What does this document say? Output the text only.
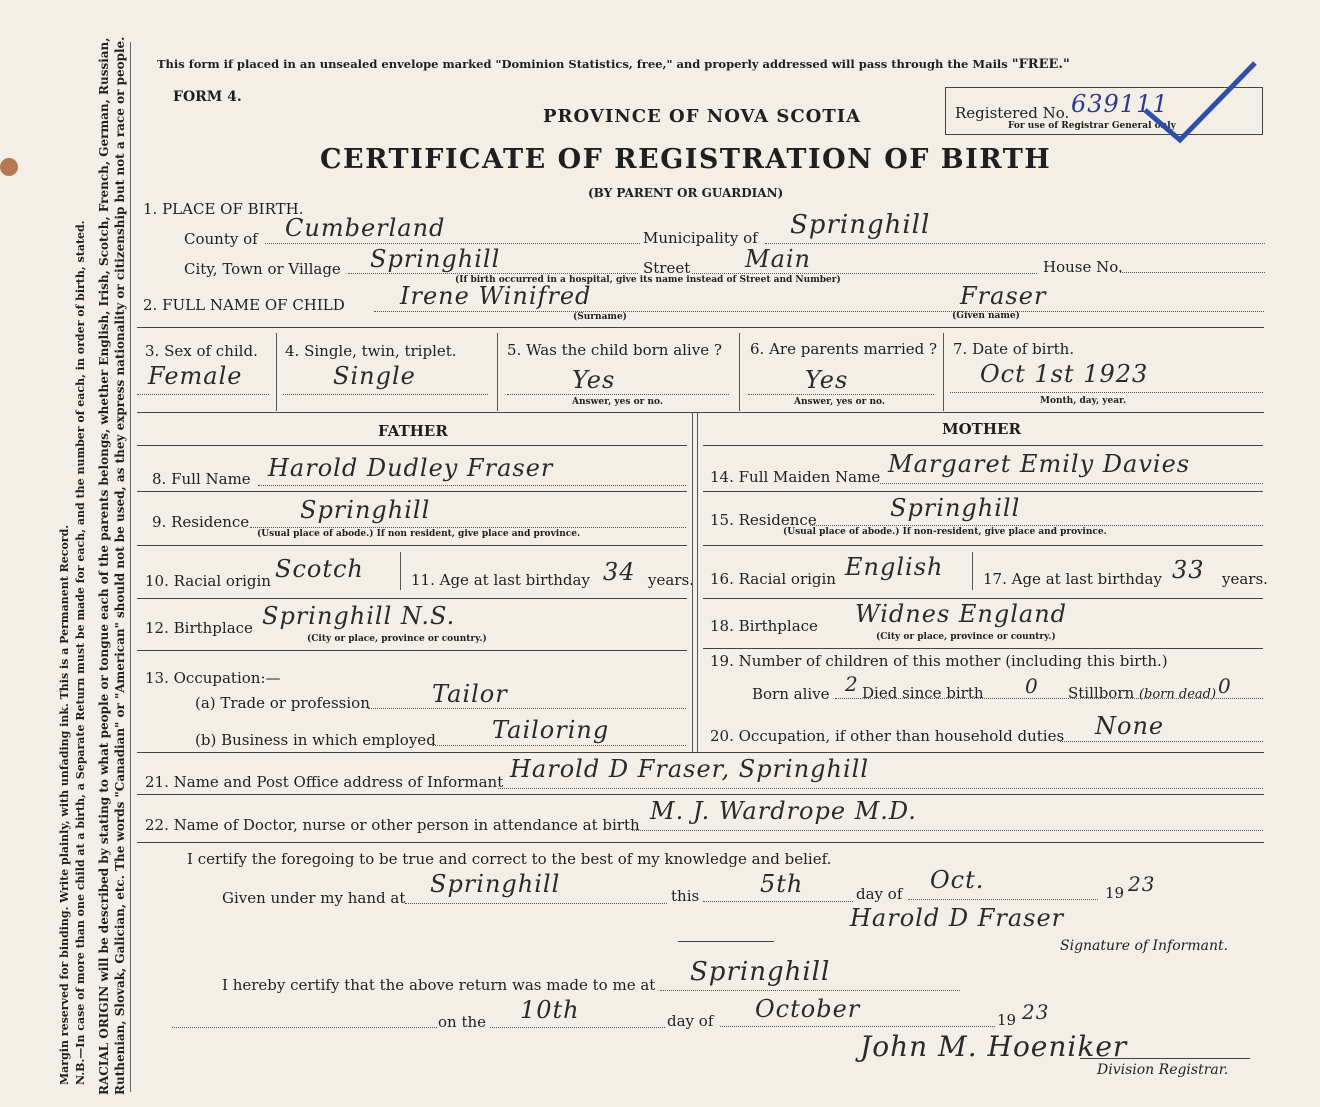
Margin reserved for binding. Write plainly, with unfading ink. This is a Permanent Record. N.B.—In case of more than one child at a birth, a Separate Return must be made for each, and the number of each, in order of birth, stated. RACIAL ORIGIN will be described by stating to what people or tongue each of the parents belongs, whether English, Irish, Scotch, French, German, Russian, Ruthenian, Slovak, Galician, etc. The words "Canadian" or "American" should not be used, as they express nationality or citizenship but not a race or people.	This form if placed in an unsealed envelope marked "Dominion Statistics, free," and properly addressed will pass through the Mails "FREE."
FORM 4.
PROVINCE OF NOVA SCOTIA
CERTIFICATE OF REGISTRATION OF BIRTH
(BY PARENT OR GUARDIAN)
Registered No. 639111
For use of Registrar General only
1. PLACE OF BIRTH.
County of Cumberland	Municipality of Springhill
City, Town or Village Springhill	Street Main	House No.
(If birth occurred in a hospital, give its name instead of Street and Number)
2. FULL NAME OF CHILD Irene Winifred	Fraser
(Surname)	(Given name)
3. Sex of child.
Female
4. Single, twin, triplet.
Single
5. Was the child born alive ?
Yes
Answer, yes or no.
6. Are parents married ?
Yes
Answer, yes or no.
7. Date of birth.
Oct 1st 1923
Month, day, year.
FATHER	MOTHER
8. Full Name Harold Dudley Fraser
9. Residence Springhill
(Usual place of abode.) If non resident, give place and province.
10. Racial origin Scotch	11. Age at last birthday 34 years.
12. Birthplace Springhill N.S.
(City or place, province or country.)
13. Occupation:—
(a) Trade or profession	Tailor
(b) Business in which employed Tailoring
14. Full Maiden Name Margaret Emily Davies
15. Residence	Springhill
(Usual place of abode.) If non-resident, give place and province.
16. Racial origin English	17. Age at last birthday 33 years.
18. Birthplace Widnes England
(City or place, province or country.)
19. Number of children of this mother (including this birth.)
Born alive 2 Died since birth 0 Stillborn (born dead) 0
20. Occupation, if other than household duties None
21. Name and Post Office address of Informant Harold D Fraser, Springhill
22. Name of Doctor, nurse or other person in attendance at birth M. J. Wardrope M.D.
I certify the foregoing to be true and correct to the best of my knowledge and belief.
Given under my hand at Springhill	this	5th	day of Oct.	19 23
Harold D Fraser
Signature of Informant.
I hereby certify that the above return was made to me at Springhill
on the 10th	day of October	19 23
John M. Hoeniker
Division Registrar.
